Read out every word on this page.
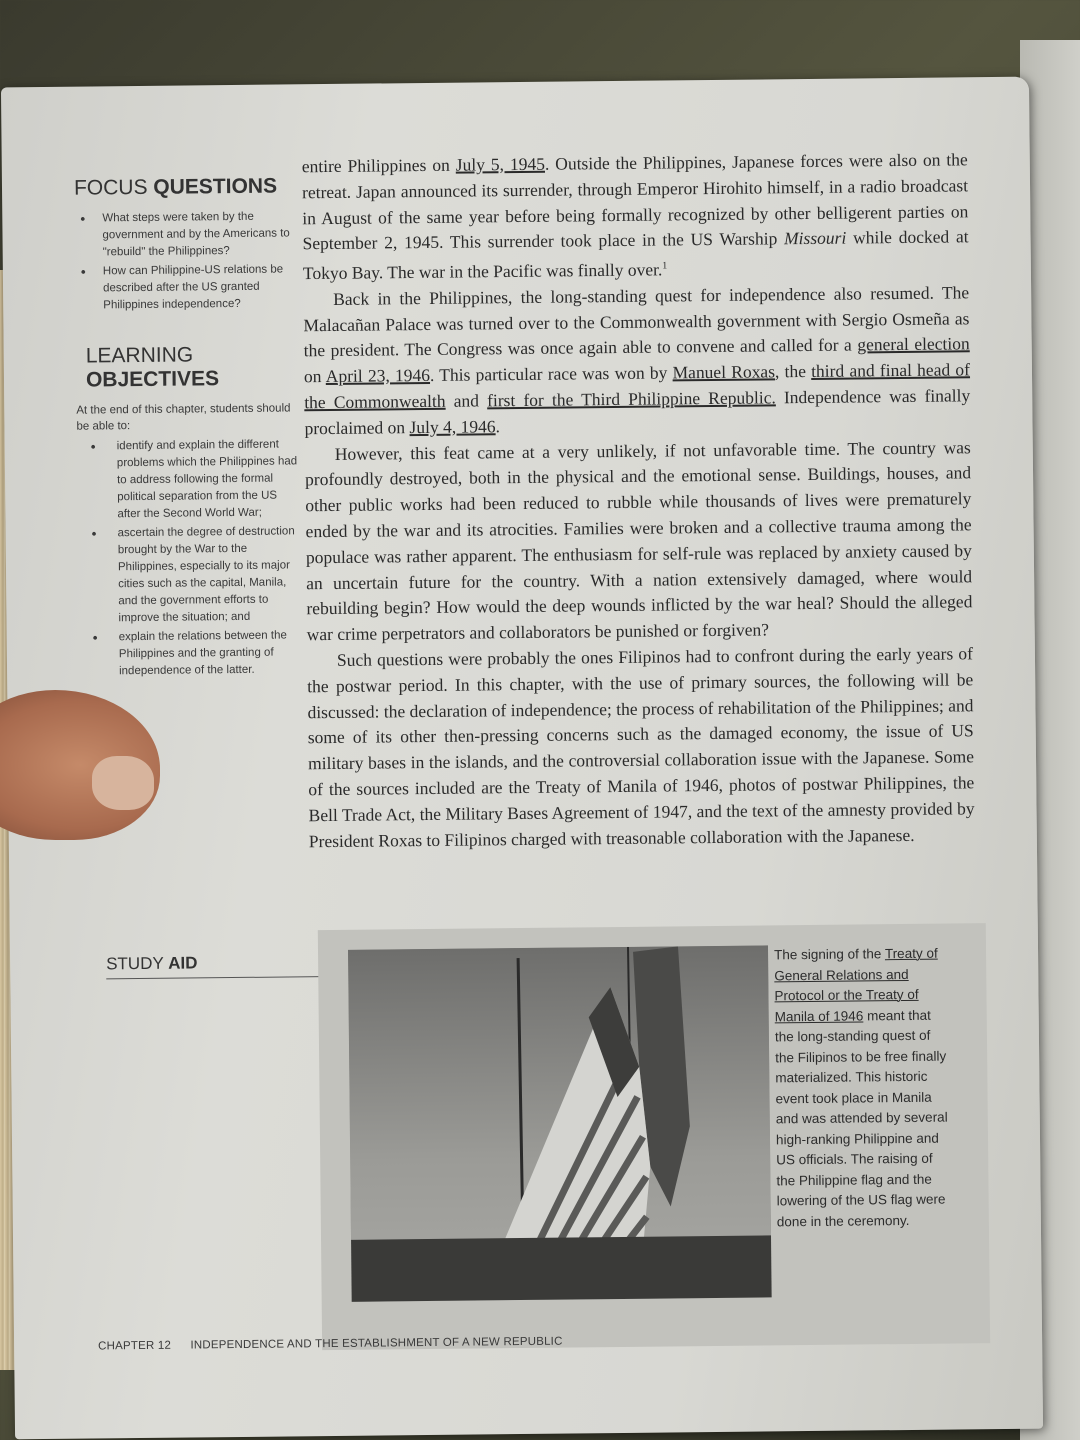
FOCUS QUESTIONS
• What steps were taken by the government and by the Americans to "rebuild" the Philippines?
• How can Philippine-US relations be described after the US granted Philippines independence?
LEARNING
OBJECTIVES
At the end of this chapter, students should be able to:
• identify and explain the different problems which the Philippines had to address following the formal political separation from the US after the Second World War;
• ascertain the degree of destruction brought by the War to the Philippines, especially to its major cities such as the capital, Manila, and the government efforts to improve the situation; and
• explain the relations between the Philippines and the granting of independence of the latter.

entire Philippines on July 5, 1945. Outside the Philippines, Japanese forces were also on the retreat. Japan announced its surrender, through Emperor Hirohito himself, in a radio broadcast in August of the same year before being formally recognized by other belligerent parties on September 2, 1945. This surrender took place in the US Warship Missouri while docked at Tokyo Bay. The war in the Pacific was finally over.$^1$

Back in the Philippines, the long-standing quest for independence also resumed. The Malacañan Palace was turned over to the Commonwealth government with Sergio Osmeña as the president. The Congress was once again able to convene and called for a general election on April 23, 1946. This particular race was won by Manuel Roxas, the third and final head of the Commonwealth and first for the Third Philippine Republic. Independence was finally proclaimed on July 4, 1946.

However, this feat came at a very unlikely, if not unfavorable time. The country was profoundly destroyed, both in the physical and the emotional sense. Buildings, houses, and other public works had been reduced to rubble while thousands of lives were prematurely ended by the war and its atrocities. Families were broken and a collective trauma among the populace was rather apparent. The enthusiasm for self-rule was replaced by anxiety caused by an uncertain future for the country. With a nation extensively damaged, where would rebuilding begin? How would the deep wounds inflicted by the war heal? Should the alleged war crime perpetrators and collaborators be punished or forgiven?

Such questions were probably the ones Filipinos had to confront during the early years of the postwar period. In this chapter, with the use of primary sources, the following will be discussed: the declaration of independence; the process of rehabilitation of the Philippines; and some of its other then-pressing concerns such as the damaged economy, the issue of US military bases in the islands, and the controversial collaboration issue with the Japanese. Some of the sources included are the Treaty of Manila of 1946, photos of postwar Philippines, the Bell Trade Act, the Military Bases Agreement of 1947, and the text of the amnesty provided by President Roxas to Filipinos charged with treasonable collaboration with the Japanese.

STUDY AID	The signing of the Treaty of General Relations and Protocol or the Treaty of Manila of 1946 meant that the long-standing quest of the Filipinos to be free finally materialized. This historic event took place in Manila and was attended by several high-ranking Philippine and US officials. The raising of the Philippine flag and the lowering of the US flag were done in the ceremony.
CHAPTER 12 INDEPENDENCE AND THE ESTABLISHMENT OF A NEW REPUBLIC
